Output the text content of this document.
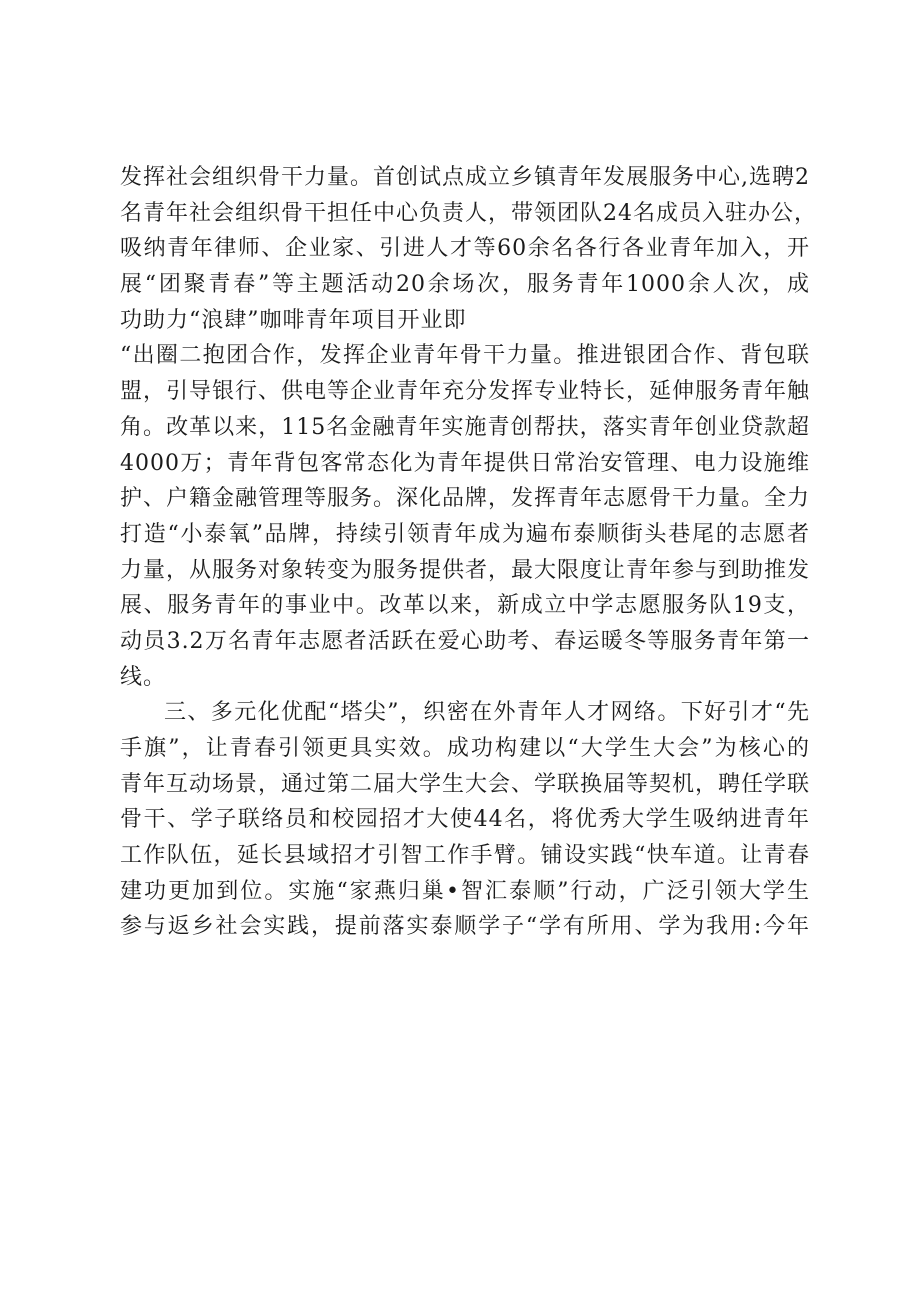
发挥社会组织骨干力量。首创试点成立乡镇青年发展服务中心,选聘2
名青年社会组织骨干担任中心负责人，带领团队24名成员入驻办公，
吸纳青年律师、企业家、引进人才等60余名各行各业青年加入，开
展“团聚青春”等主题活动20余场次，服务青年1000余人次，成
功助力“浪肆”咖啡青年项目开业即
“出圈二抱团合作，发挥企业青年骨干力量。推进银团合作、背包联
盟，引导银行、供电等企业青年充分发挥专业特长，延伸服务青年触
角。改革以来，115名金融青年实施青创帮扶，落实青年创业贷款超
4000万；青年背包客常态化为青年提供日常治安管理、电力设施维
护、户籍金融管理等服务。深化品牌，发挥青年志愿骨干力量。全力
打造“小泰氧”品牌，持续引领青年成为遍布泰顺街头巷尾的志愿者
力量，从服务对象转变为服务提供者，最大限度让青年参与到助推发
展、服务青年的事业中。改革以来，新成立中学志愿服务队19支，
动员3.2万名青年志愿者活跃在爱心助考、春运暖冬等服务青年第一
线。
三、多元化优配“塔尖”，织密在外青年人才网络。下好引才“先
手旗”，让青春引领更具实效。成功构建以“大学生大会”为核心的
青年互动场景，通过第二届大学生大会、学联换届等契机，聘任学联
骨干、学子联络员和校园招才大使44名，将优秀大学生吸纳进青年
工作队伍，延长县域招才引智工作手臂。铺设实践“快车道。让青春
建功更加到位。实施“家燕归巢•智汇泰顺”行动，广泛引领大学生
参与返乡社会实践，提前落实泰顺学子“学有所用、学为我用:今年
